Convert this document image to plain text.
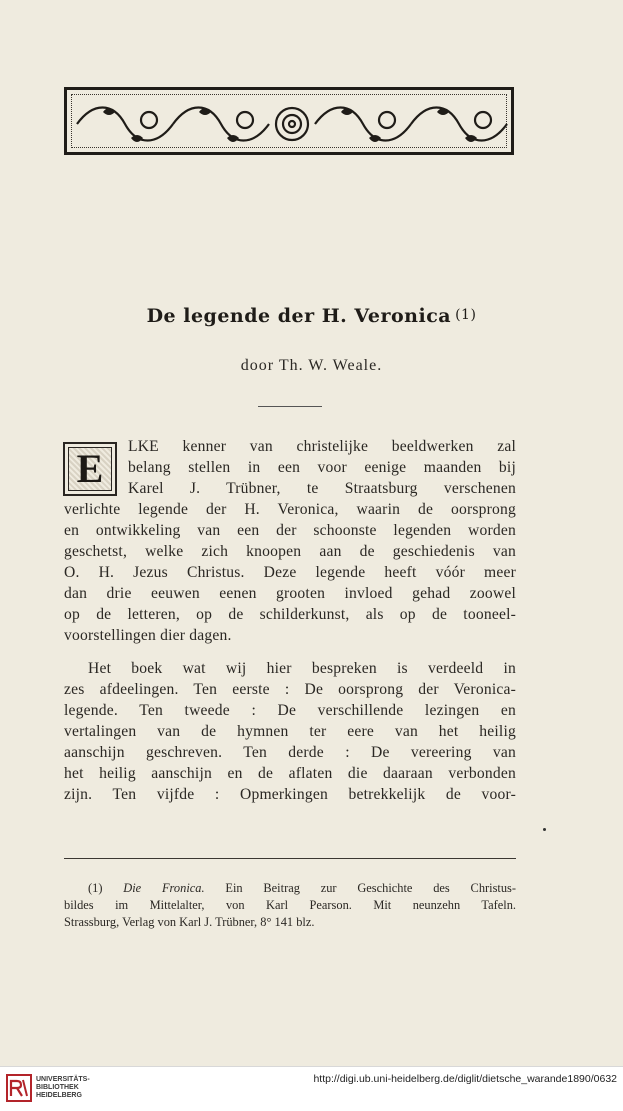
De legende der H. Veronica (1)
door Th. W. Weale.
E	LKE kenner van christelijke beeldwerken zal
belang stellen in een voor eenige maanden bij
Karel J. Trübner, te Straatsburg verschenen
verlichte legende der H. Veronica, waarin de oorsprong
en ontwikkeling van een der schoonste legenden worden
geschetst, welke zich knoopen aan de geschiedenis van
O. H. Jezus Christus. Deze legende heeft vóór meer
dan drie eeuwen eenen grooten invloed gehad zoowel
op de letteren, op de schilderkunst, als op de tooneel-
voorstellingen dier dagen.
Het boek wat wij hier bespreken is verdeeld in
zes afdeelingen. Ten eerste : De oorsprong der Veronica-
legende. Ten tweede : De verschillende lezingen en
vertalingen van de hymnen ter eere van het heilig
aanschijn geschreven. Ten derde : De vereering van
het heilig aanschijn en de aflaten die daaraan verbonden
zijn. Ten vijfde : Opmerkingen betrekkelijk de voor-
(1) Die Fronica. Ein Beitrag zur Geschichte des Christus-
bildes im Mittelalter, von Karl Pearson. Mit neunzehn Tafeln.
Strassburg, Verlag von Karl J. Trübner, 8° 141 blz.
UNIVERSITÄTS-
BIBLIOTHEK
HEIDELBERG
http://digi.ub.uni-heidelberg.de/diglit/dietsche_warande1890/0632
